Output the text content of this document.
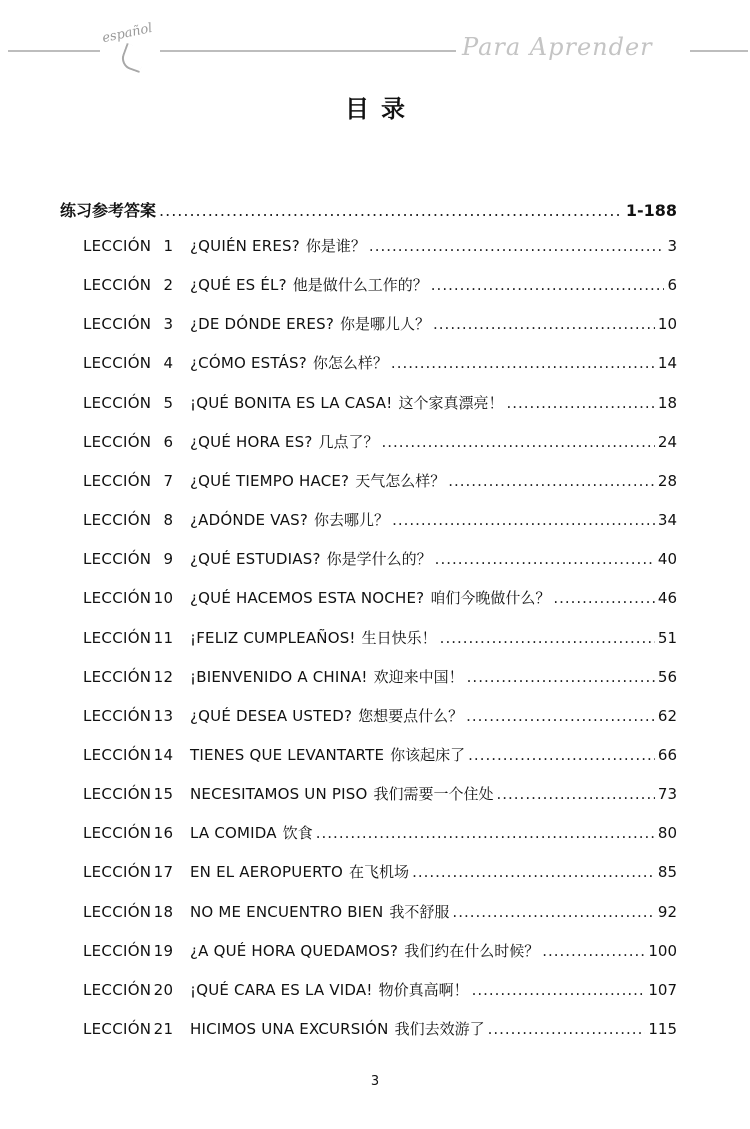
español	Para Aprender
目录
练习参考答案 .....	1-188
LECCIÓN 1	¿QUIÉN ERES? 你是谁？ .....	3
LECCIÓN 2	¿QUÉ ES ÉL? 他是做什么工作的？ .....	6
LECCIÓN 3	¿DE DÓNDE ERES? 你是哪儿人？ .....	10
LECCIÓN 4	¿CÓMO ESTÁS? 你怎么样？ .....	14
LECCIÓN 5	¡QUÉ BONITA ES LA CASA! 这个家真漂亮！ .....	18
LECCIÓN 6	¿QUÉ HORA ES? 几点了？ .....	24
LECCIÓN 7	¿QUÉ TIEMPO HACE? 天气怎么样？ .....	28
LECCIÓN 8	¿ADÓNDE VAS? 你去哪儿？ .....	34
LECCIÓN 9	¿QUÉ ESTUDIAS? 你是学什么的？ .....	40
LECCIÓN 10	¿QUÉ HACEMOS ESTA NOCHE? 咱们今晚做什么？ .....	46
LECCIÓN 11	¡FELIZ CUMPLEAÑOS! 生日快乐！ .....	51
LECCIÓN 12	¡BIENVENIDO A CHINA! 欢迎来中国！ .....	56
LECCIÓN 13	¿QUÉ DESEA USTED? 您想要点什么？ .....	62
LECCIÓN 14	TIENES QUE LEVANTARTE 你该起床了 .....	66
LECCIÓN 15	NECESITAMOS UN PISO 我们需要一个住处 .....	73
LECCIÓN 16	LA COMIDA 饮食 .....	80
LECCIÓN 17	EN EL AEROPUERTO 在飞机场 .....	85
LECCIÓN 18	NO ME ENCUENTRO BIEN 我不舒服 .....	92
LECCIÓN 19	¿A QUÉ HORA QUEDAMOS? 我们约在什么时候？ .....	100
LECCIÓN 20	¡QUÉ CARA ES LA VIDA! 物价真高啊！ .....	107
LECCIÓN 21	HICIMOS UNA EXCURSIÓN 我们去效游了 .....	115
3
